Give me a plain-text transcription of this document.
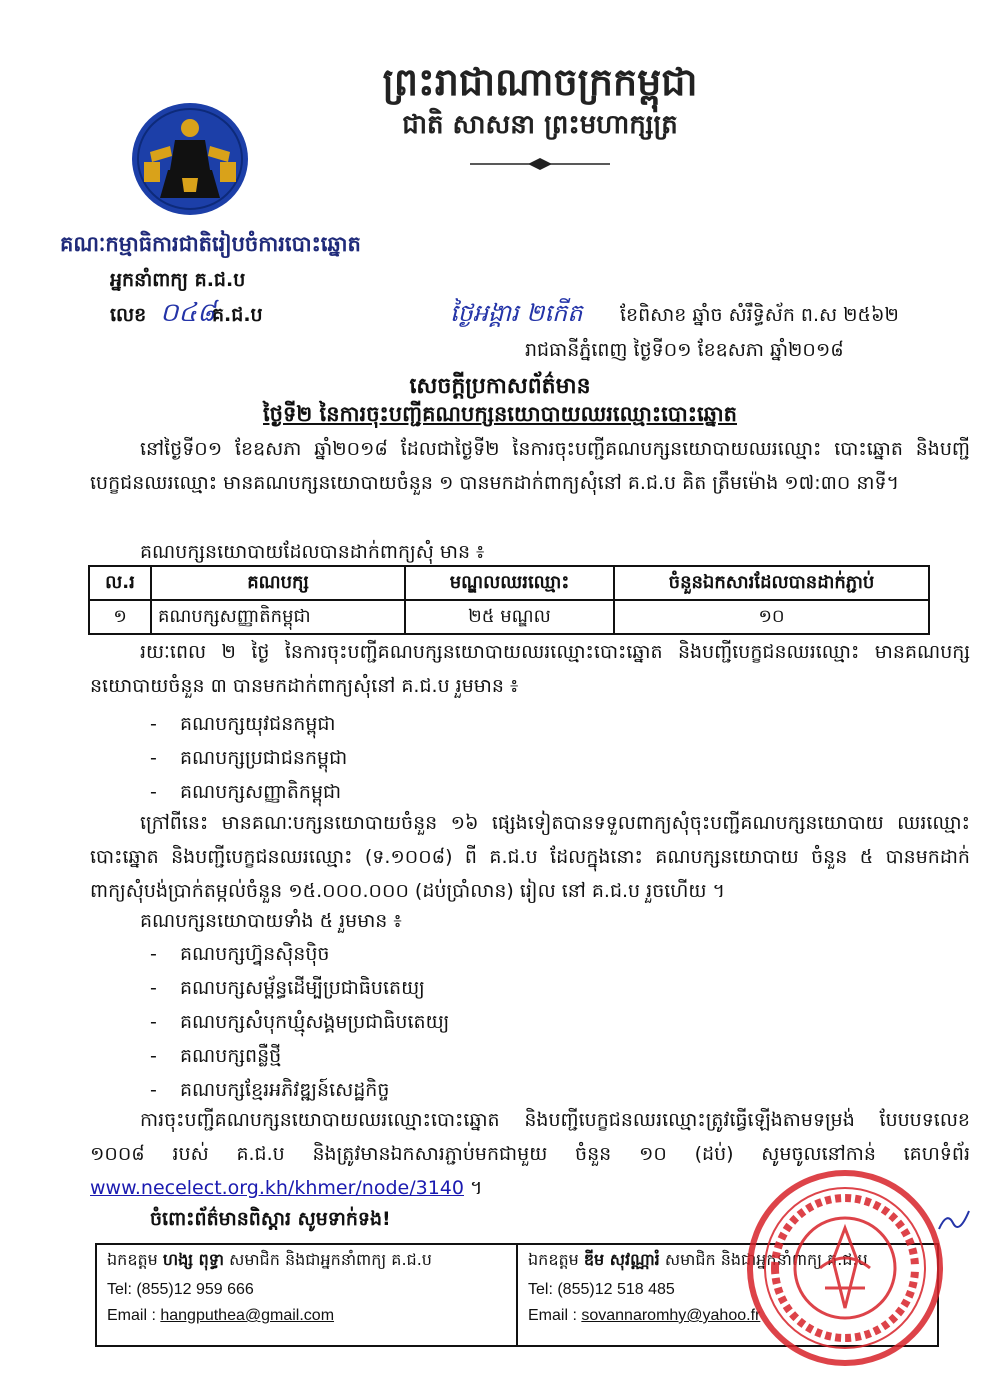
ព្រះរាជាណាចក្រកម្ពុជា
ជាតិ សាសនា ព្រះមហាក្សត្រ
គណៈកម្មាធិការជាតិរៀបចំការបោះឆ្នោត
អ្នកនាំពាក្យ គ.ជ.ប
លេខ ០៤៨
គ.ជ.ប	ថ្ងៃអង្គារ ២កើត ខែពិសាខ ឆ្នាំច សំរឹទ្ធិស័ក ព.ស ២៥៦២
រាជធានីភ្នំពេញ ថ្ងៃទី០១ ខែឧសភា ឆ្នាំ២០១៨
សេចក្តីប្រកាសព័ត៌មាន
ថ្ងៃទី២ នៃការចុះបញ្ជីគណបក្សនយោបាយឈរឈ្មោះបោះឆ្នោត
នៅថ្ងៃទី០១ ខែឧសភា ឆ្នាំ២០១៨ ដែលជាថ្ងៃទី២ នៃការចុះបញ្ជីគណបក្សនយោបាយឈរឈ្មោះ បោះឆ្នោត និងបញ្ជីបេក្ខជនឈរឈ្មោះ មានគណបក្សនយោបាយចំនួន ១ បានមកដាក់ពាក្យសុំនៅ គ.ជ.ប គិត ត្រឹមម៉ោង ១៧:៣០ នាទី។
គណបក្សនយោបាយដែលបានដាក់ពាក្យសុំ មាន ៖
ល.រ	គណបក្ស	មណ្ឌលឈរឈ្មោះ	ចំនួនឯកសារដែលបានដាក់ភ្ជាប់
១	គណបក្សសញ្ញាតិកម្ពុជា	២៥ មណ្ឌល	១០
រយៈពេល ២ ថ្ងៃ នៃការចុះបញ្ជីគណបក្សនយោបាយឈរឈ្មោះបោះឆ្នោត និងបញ្ជីបេក្ខជនឈរឈ្មោះ មានគណបក្សនយោបាយចំនួន ៣ បានមកដាក់ពាក្យសុំនៅ គ.ជ.ប រួមមាន ៖
- គណបក្សយុវជនកម្ពុជា
- គណបក្សប្រជាជនកម្ពុជា
- គណបក្សសញ្ញាតិកម្ពុជា
ក្រៅពីនេះ មានគណៈបក្សនយោបាយចំនួន ១៦ ផ្សេងទៀតបានទទួលពាក្យសុំចុះបញ្ជីគណបក្សនយោបាយ ឈរឈ្មោះបោះឆ្នោត និងបញ្ជីបេក្ខជនឈរឈ្មោះ (ទ.១០០៨) ពី គ.ជ.ប ដែលក្នុងនោះ គណបក្សនយោបាយ ចំនួន ៥ បានមកដាក់ពាក្យសុំបង់ប្រាក់តម្កល់ចំនួន ១៥.០០០.០០០ (ដប់ប្រាំលាន) រៀល នៅ គ.ជ.ប រួចហើយ ។
គណបក្សនយោបាយទាំង ៥ រួមមាន ៖
- គណបក្សហ្វ៊ុនស៊ិនប៉ិច
- គណបក្សសម្ព័ន្ធដើម្បីប្រជាធិបតេយ្យ
- គណបក្សសំបុកឃ្មុំសង្គមប្រជាធិបតេយ្យ
- គណបក្សពន្លឺថ្មី
- គណបក្សខ្មែរអភិវឌ្ឍន៍សេដ្ឋកិច្ច
ការចុះបញ្ជីគណបក្សនយោបាយឈរឈ្មោះបោះឆ្នោត និងបញ្ជីបេក្ខជនឈរឈ្មោះត្រូវធ្វើឡើងតាមទម្រង់ បែបបទលេខ ១០០៨ របស់ គ.ជ.ប និងត្រូវមានឯកសារភ្ជាប់មកជាមួយ ចំនួន ១០ (ដប់) សូមចូលនៅកាន់ គេហទំព័រ www.necelect.org.kh/khmer/node/3140 ។
ចំពោះព័ត៌មានពិស្តារ សូមទាក់ទង!
ឯកឧត្តម ហង្ស ពុទ្ធា សមាជិក និងជាអ្នកនាំពាក្យ គ.ជ.ប
Tel: (855)12 959 666
Email : hangputhea@gmail.com
ឯកឧត្តម ឌីម សុវណ្ណារំ សមាជិក និងជាអ្នកនាំពាក្យ គ.ជ.ប
Tel: (855)12 518 485
Email : sovannaromhy@yahoo.fr
